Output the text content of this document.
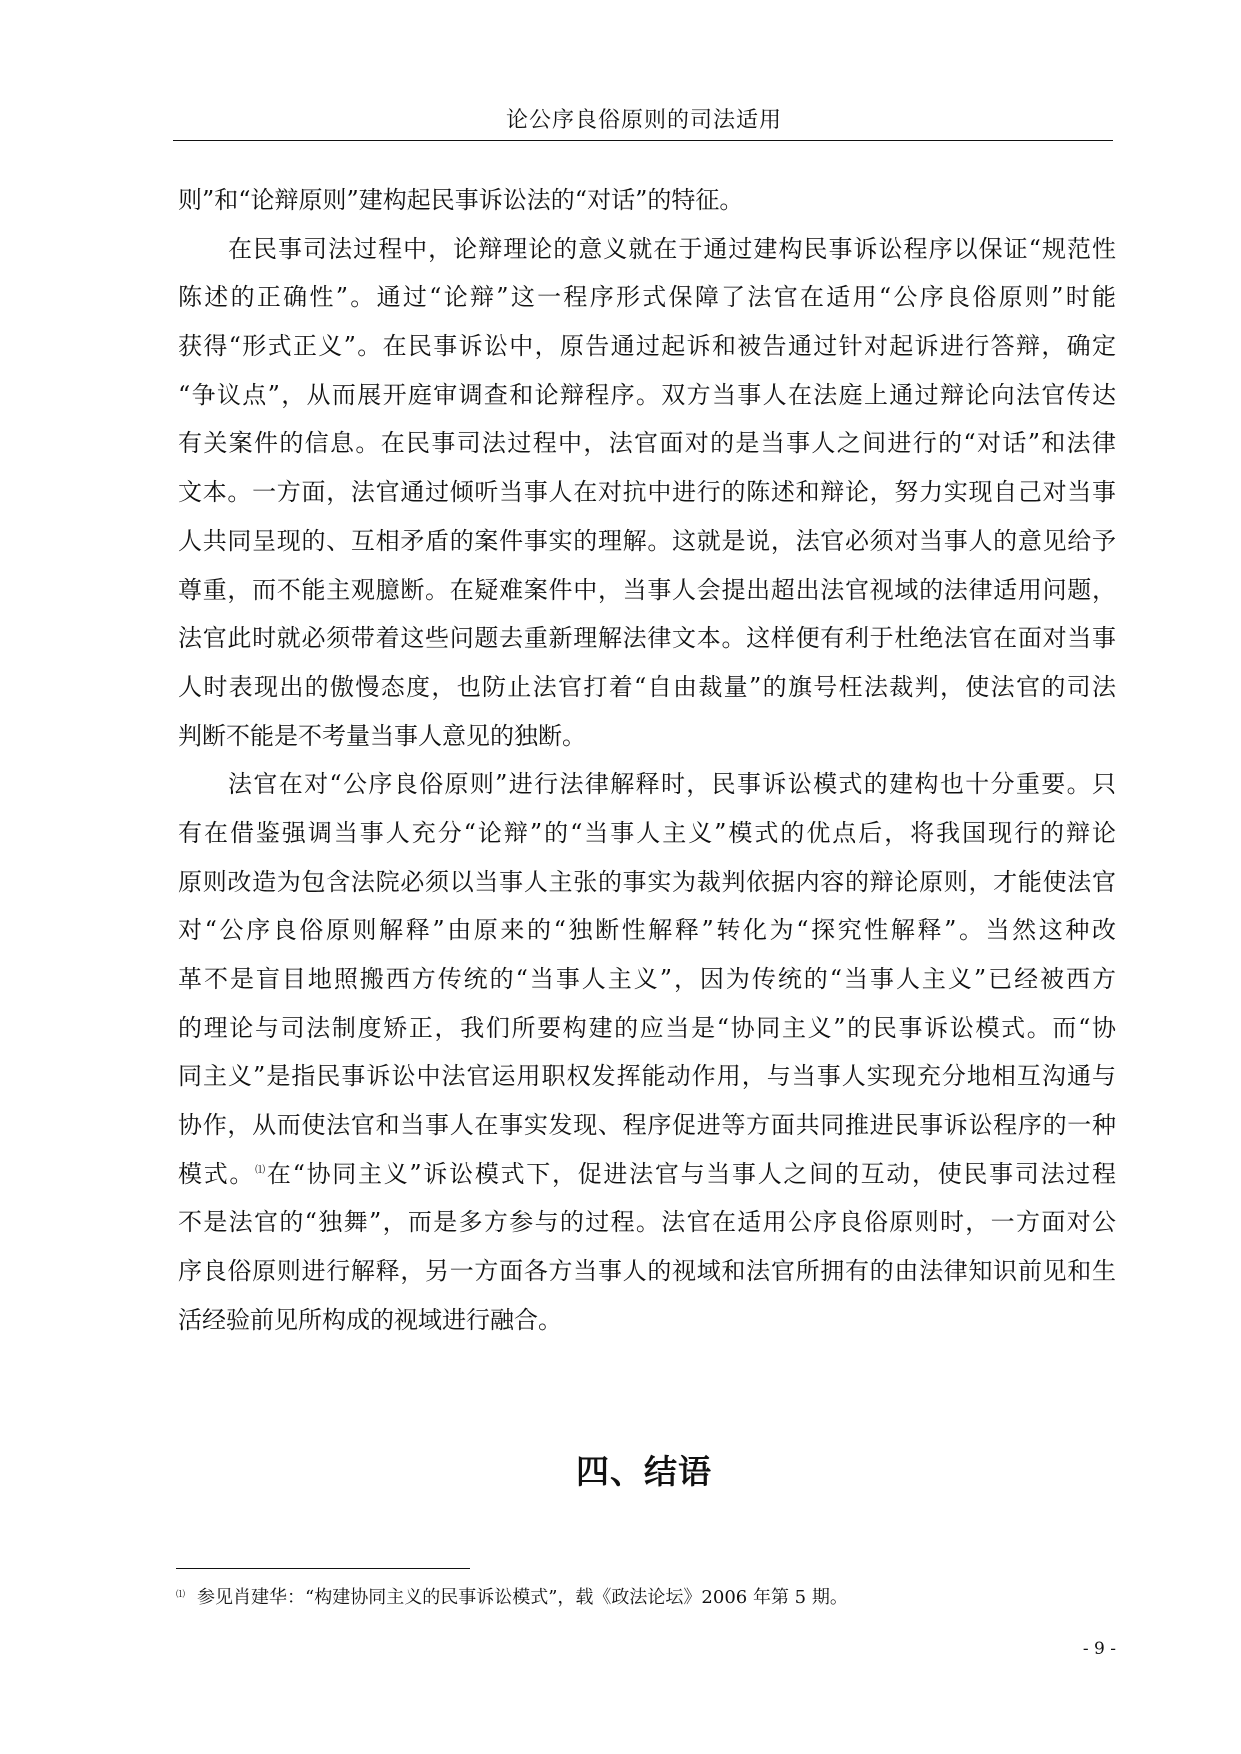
论公序良俗原则的司法适用
则”和“论辩原则”建构起民事诉讼法的“对话”的特征。
在民事司法过程中，论辩理论的意义就在于通过建构民事诉讼程序以保证“规范性
陈述的正确性”。通过“论辩”这一程序形式保障了法官在适用“公序良俗原则”时能
获得“形式正义”。在民事诉讼中，原告通过起诉和被告通过针对起诉进行答辩，确定
“争议点”，从而展开庭审调查和论辩程序。双方当事人在法庭上通过辩论向法官传达
有关案件的信息。在民事司法过程中，法官面对的是当事人之间进行的“对话”和法律
文本。一方面，法官通过倾听当事人在对抗中进行的陈述和辩论，努力实现自己对当事
人共同呈现的、互相矛盾的案件事实的理解。这就是说，法官必须对当事人的意见给予
尊重，而不能主观臆断。在疑难案件中，当事人会提出超出法官视域的法律适用问题，
法官此时就必须带着这些问题去重新理解法律文本。这样便有利于杜绝法官在面对当事
人时表现出的傲慢态度，也防止法官打着“自由裁量”的旗号枉法裁判，使法官的司法
判断不能是不考量当事人意见的独断。
法官在对“公序良俗原则”进行法律解释时，民事诉讼模式的建构也十分重要。只
有在借鉴强调当事人充分“论辩”的“当事人主义”模式的优点后，将我国现行的辩论
原则改造为包含法院必须以当事人主张的事实为裁判依据内容的辩论原则，才能使法官
对“公序良俗原则解释”由原来的“独断性解释”转化为“探究性解释”。当然这种改
革不是盲目地照搬西方传统的“当事人主义”，因为传统的“当事人主义”已经被西方
的理论与司法制度矫正，我们所要构建的应当是“协同主义”的民事诉讼模式。而“协
同主义”是指民事诉讼中法官运用职权发挥能动作用，与当事人实现充分地相互沟通与
协作，从而使法官和当事人在事实发现、程序促进等方面共同推进民事诉讼程序的一种
模式。⑴在“协同主义”诉讼模式下，促进法官与当事人之间的互动，使民事司法过程
不是法官的“独舞”，而是多方参与的过程。法官在适用公序良俗原则时，一方面对公
序良俗原则进行解释，另一方面各方当事人的视域和法官所拥有的由法律知识前见和生
活经验前见所构成的视域进行融合。
四、结语
⑴ 参见肖建华：“构建协同主义的民事诉讼模式”，载《政法论坛》2006 年第 5 期。
- 9 -
